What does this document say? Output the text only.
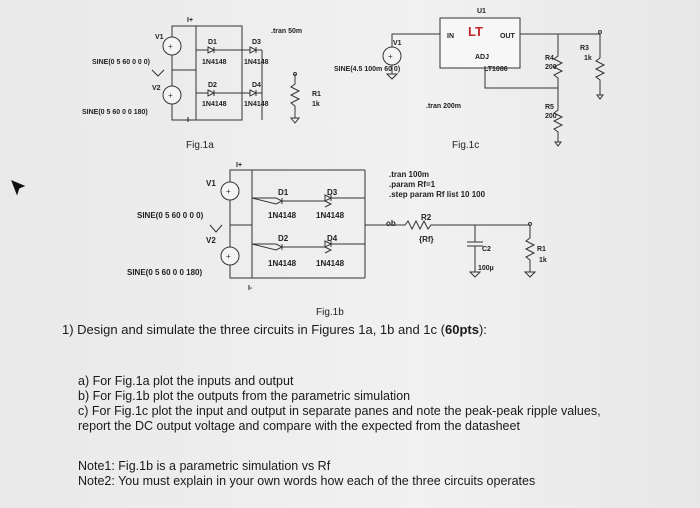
+
+
+
+
+
LT
I+
V1
SINE(0 5 60 0 0 0)
V2
SINE(0 5 60 0 0 180)
I-
D1	D3
1N4148 1N4148
D2	D4
1N4148 1N4148
.tran 50m
R1
1k
Fig.1a
U1
IN	OUT
ADJ
LT1086
V1
SINE(4.5 100m 60 0)
R3
1k
R4
200
R5
200
.tran 200m
Fig.1c
I+
V1
SINE(0 5 60 0 0 0)
V2
SINE(0 5 60 0 0 180)
I-
D1	D3
1N4148 1N4148
D2	D4
1N4148 1N4148
.tran 100m
.param Rf=1
.step param Rf list 10 100
ob
R2
{Rf}
C2
100µ
R1
1k
Fig.1b
1) Design and simulate the three circuits in Figures 1a, 1b and 1c (60pts):
a) For Fig.1a plot the inputs and output
b) For Fig.1b plot the outputs from the parametric simulation
c) For Fig.1c plot the input and output in separate panes and note the peak-peak ripple values,
report the DC output voltage and compare with the expected from the datasheet
Note1: Fig.1b is a parametric simulation vs Rf
Note2: You must explain in your own words how each of the three circuits operates
